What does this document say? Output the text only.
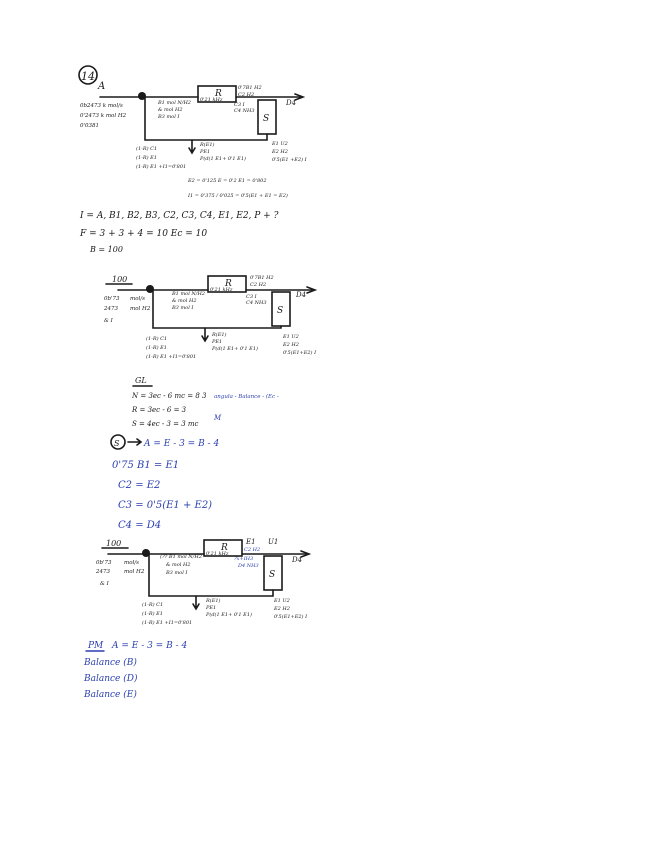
14
A
R
0'21 kHz
S
0b2473 k mol/s
0'2473 k mol H2
0'0381
B1 mol N/H2
& mol H2
B3 mol I
0'7B1 H2
C2 H2
C3 I
C4 NH3
D4
(1-R) C1
(1-R) E1
(1-R) E1 +I1=0'801
R(E1)
PE1
P(d(1 E1+ 0'1 E1)
E1 U2
E2 H2
0'5(E1 +E2) I
E2 = 0'125 E = 0'2 E1 = 0'802
I1 = 0'375 / 0'025 = 0'5(E1 + E1 = E2)
I = A, B1, B2, B3, C2, C3, C4, E1, E2, P + ?
F = 3 + 3 + 4 = 10 Ec = 10
B = 100
100	R
0'21 kHz
S
0b'73
2473
& I
mol/s
mol H2
B1 mol N/H2
& mol H2
B3 mol I
0'7B1 H2
C2 H2
C3 I
C4 NH3
D4
(1-R) C1
(1-R) E1
(1-R) E1 +I1=0'801
R(E1)
PE1
P(d(1 E1+ 0'1 E1)
E1 U2
E2 H2
0'5(E1+E2) I
GL
N = 3ec - 6 mc = 8 3
R = 3ec - 6 = 3
S = 4ec - 3 = 3 mc
angula - Balance - (Ec -
M
S	A = E - 3 = B - 4
0'75 B1 = E1
C2 = E2
C3 = 0'5(E1 + E2)
C4 = D4
100	R
0'21 kHz
S
0b'73
2473
& I
mol/s
mol H2
(?? B1 mol N/H2
& mol H2
B3 mol I
E1 U1
C2 H2
?x+IH3
D4 NH3
D4
(1-R) C1
(1-R) E1
(1-R) E1 +I1=0'801
R(E1)
PE1
P(d(1 E1+ 0'1 E1)
E1 U2
E2 H2
0'5(E1+E2) I
PM A = E - 3 = B - 4
Balance (B)
Balance (D)
Balance (E)
